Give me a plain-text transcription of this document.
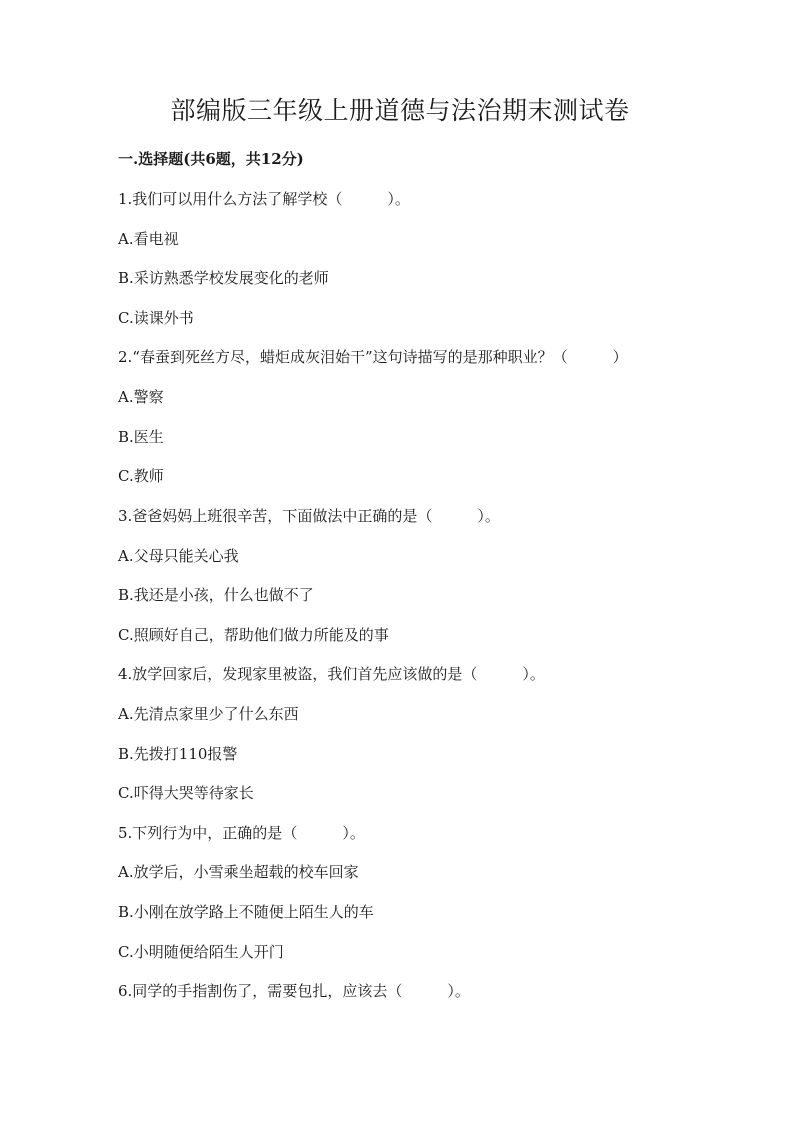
部编版三年级上册道德与法治期末测试卷
一.选择题(共6题，共12分)
1.我们可以用什么方法了解学校（　　　）。
A.看电视
B.采访熟悉学校发展变化的老师
C.读课外书
2.“春蚕到死丝方尽，蜡炬成灰泪始干”这句诗描写的是那种职业？（　　　）
A.警察
B.医生
C.教师
3.爸爸妈妈上班很辛苦，下面做法中正确的是（　　　）。
A.父母只能关心我
B.我还是小孩，什么也做不了
C.照顾好自己，帮助他们做力所能及的事
4.放学回家后，发现家里被盗，我们首先应该做的是（　　　）。
A.先清点家里少了什么东西
B.先拨打110报警
C.吓得大哭等待家长
5.下列行为中，正确的是（　　　）。
A.放学后，小雪乘坐超载的校车回家
B.小刚在放学路上不随便上陌生人的车
C.小明随便给陌生人开门
6.同学的手指割伤了，需要包扎，应该去（　　　）。
